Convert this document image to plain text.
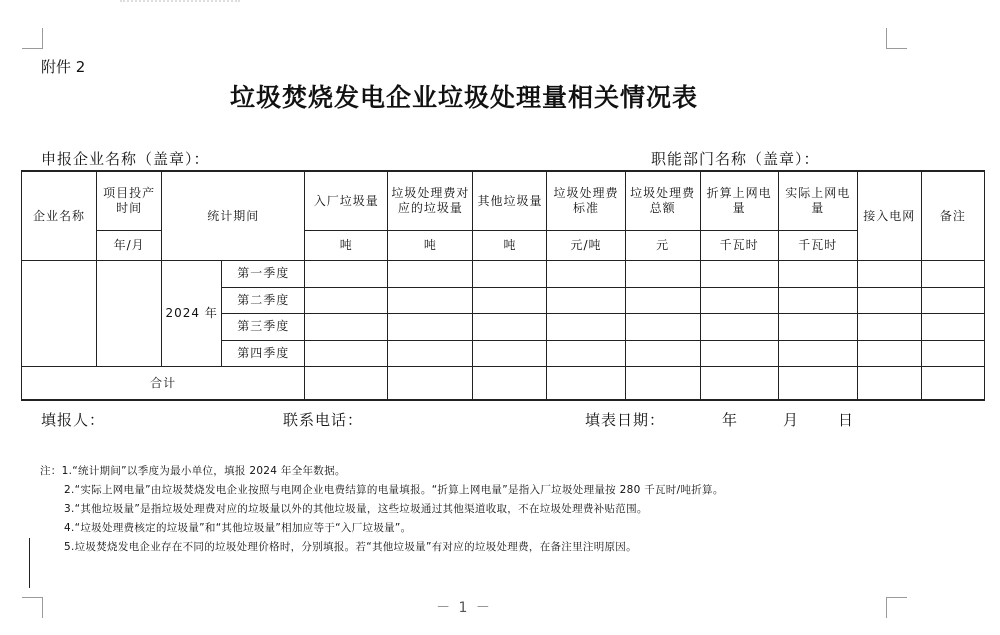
附件 2
垃圾焚烧发电企业垃圾处理量相关情况表
申报企业名称（盖章）：	职能部门名称（盖章）：
企业名称	项目投产时间	统计期间		入厂垃圾量	垃圾处理费对应的垃圾量	其他垃圾量	垃圾处理费标准	垃圾处理费总额	折算上网电量	实际上网电量	接入电网	备注
	年/月			吨	吨	吨	元/吨	元	千瓦时	千瓦时		
		2024 年	第一季度									
			第二季度									
			第三季度									
			第四季度									
合计												
填报人：	联系电话：	填表日期：	年	月	日
注：1.“统计期间”以季度为最小单位，填报 2024 年全年数据。
2.“实际上网电量”由垃圾焚烧发电企业按照与电网企业电费结算的电量填报。“折算上网电量”是指入厂垃圾处理量按 280 千瓦时/吨折算。
3.“其他垃圾量”是指垃圾处理费对应的垃圾量以外的其他垃圾量，这些垃圾通过其他渠道收取，不在垃圾处理费补贴范围。
4.“垃圾处理费核定的垃圾量”和“其他垃圾量”相加应等于“入厂垃圾量”。
5.垃圾焚烧发电企业存在不同的垃圾处理价格时，分别填报。若“其他垃圾量”有对应的垃圾处理费，在备注里注明原因。
－ 1 －
